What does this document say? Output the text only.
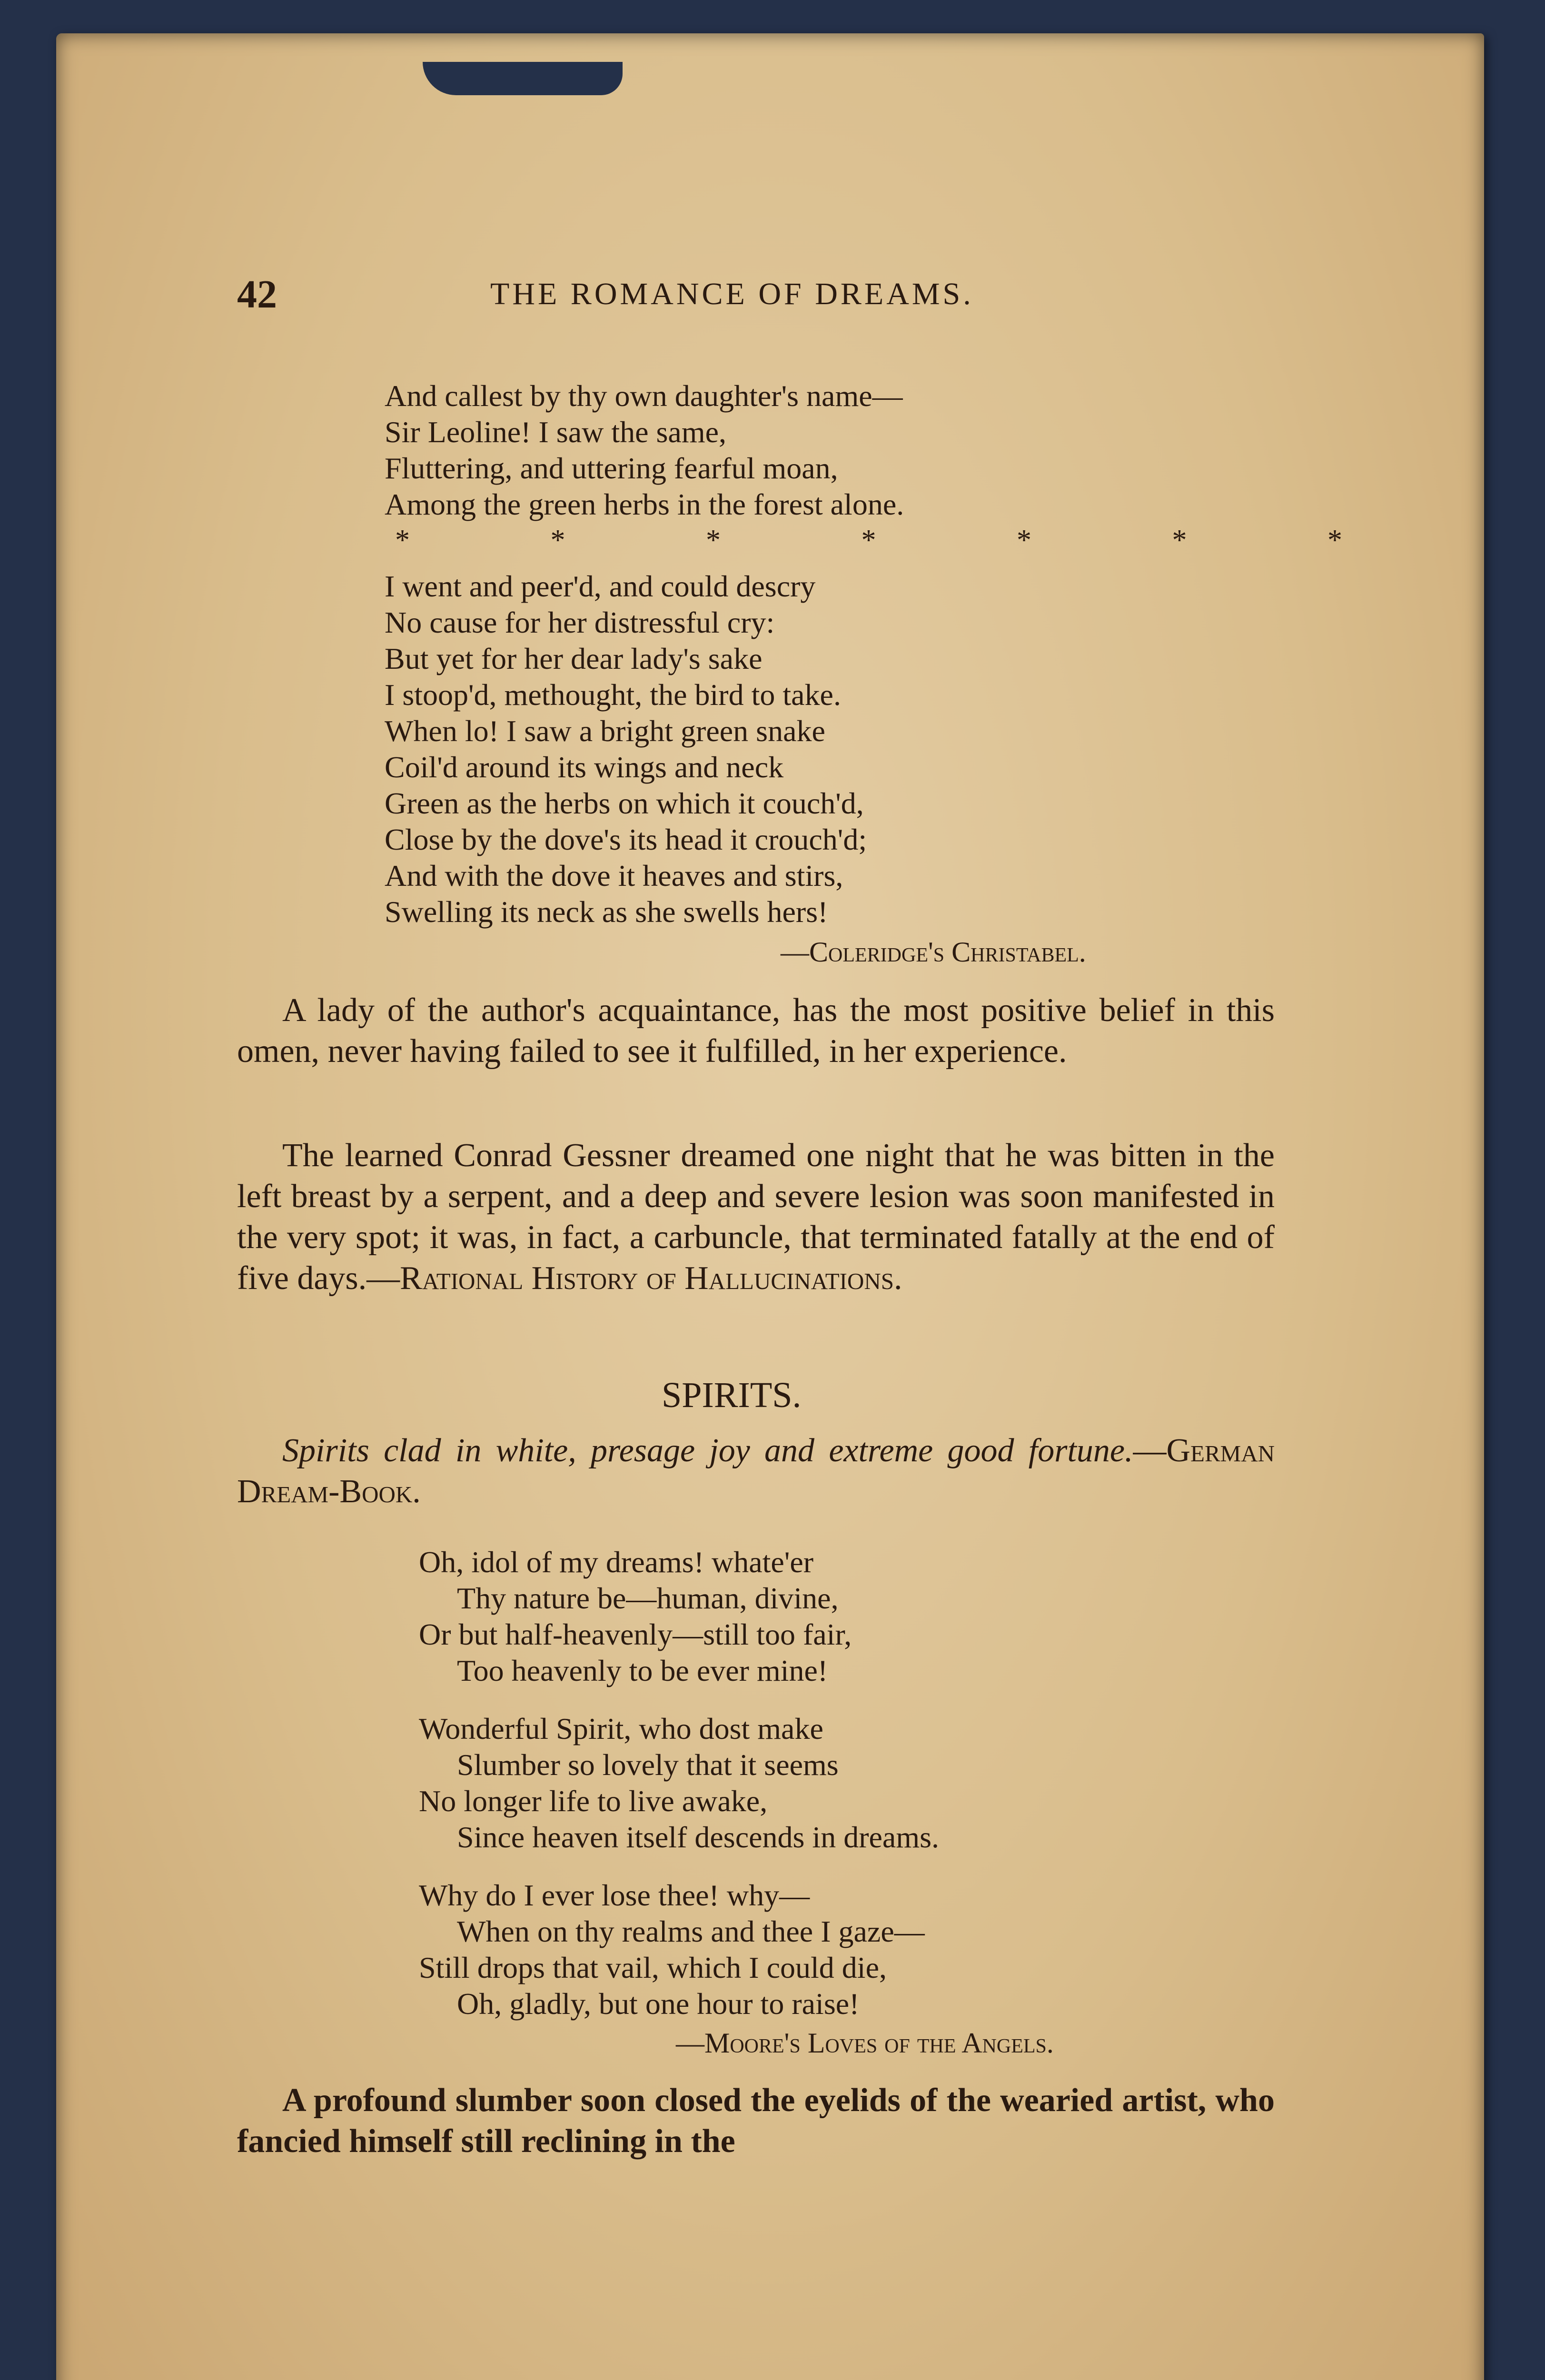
42	THE ROMANCE OF DREAMS.
And callest by thy own daughter's name—
Sir Leoline! I saw the same,
Fluttering, and uttering fearful moan,
Among the green herbs in the forest alone.
* * * * * * *
I went and peer'd, and could descry
No cause for her distressful cry:
But yet for her dear lady's sake
I stoop'd, methought, the bird to take.
When lo! I saw a bright green snake
Coil'd around its wings and neck
Green as the herbs on which it couch'd,
Close by the dove's its head it crouch'd;
And with the dove it heaves and stirs,
Swelling its neck as she swells hers!
—Coleridge's Christabel.
A lady of the author's acquaintance, has the most positive belief in this omen, never having failed to see it fulfilled, in her experience.
The learned Conrad Gessner dreamed one night that he was bitten in the left breast by a serpent, and a deep and severe lesion was soon manifested in the very spot; it was, in fact, a carbuncle, that terminated fatally at the end of five days.—Rational History of Hallucinations.
SPIRITS.
Spirits clad in white, presage joy and extreme good fortune.—German Dream-Book.
Oh, idol of my dreams! whate'er
Thy nature be—human, divine,
Or but half-heavenly—still too fair,
Too heavenly to be ever mine!
Wonderful Spirit, who dost make
Slumber so lovely that it seems
No longer life to live awake,
Since heaven itself descends in dreams.
Why do I ever lose thee! why—
When on thy realms and thee I gaze—
Still drops that vail, which I could die,
Oh, gladly, but one hour to raise!
—Moore's Loves of the Angels.
A profound slumber soon closed the eyelids of the wearied artist, who fancied himself still reclining in the
